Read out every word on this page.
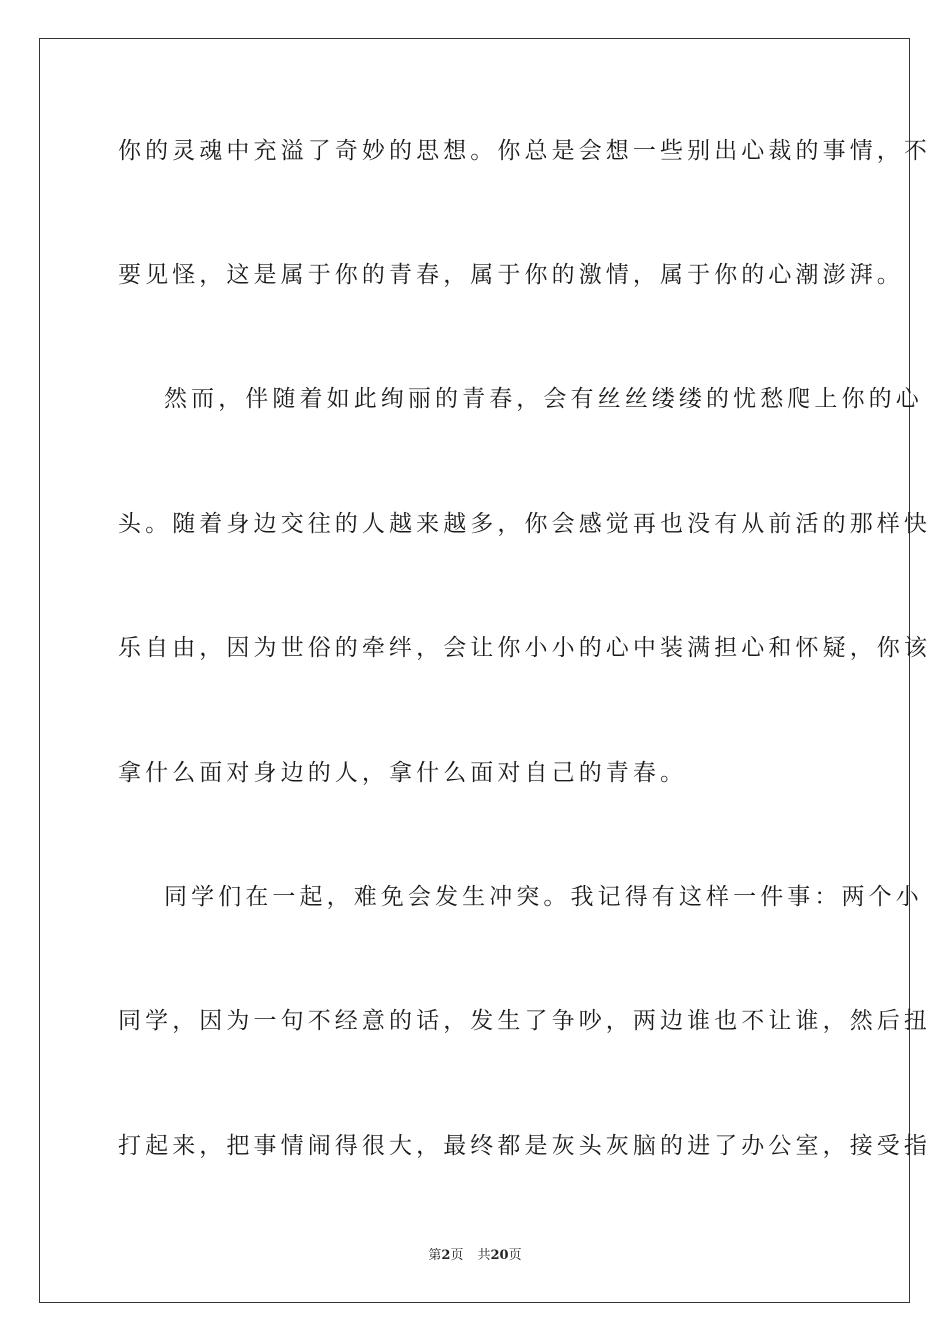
你的灵魂中充溢了奇妙的思想。你总是会想一些别出心裁的事情，不
要见怪，这是属于你的青春，属于你的激情，属于你的心潮澎湃。
然而，伴随着如此绚丽的青春，会有丝丝缕缕的忧愁爬上你的心
头。随着身边交往的人越来越多，你会感觉再也没有从前活的那样快
乐自由，因为世俗的牵绊，会让你小小的心中装满担心和怀疑，你该
拿什么面对身边的人，拿什么面对自己的青春。
同学们在一起，难免会发生冲突。我记得有这样一件事：两个小
同学，因为一句不经意的话，发生了争吵，两边谁也不让谁，然后扭
打起来，把事情闹得很大，最终都是灰头灰脑的进了办公室，接受指
第2页 共20页
